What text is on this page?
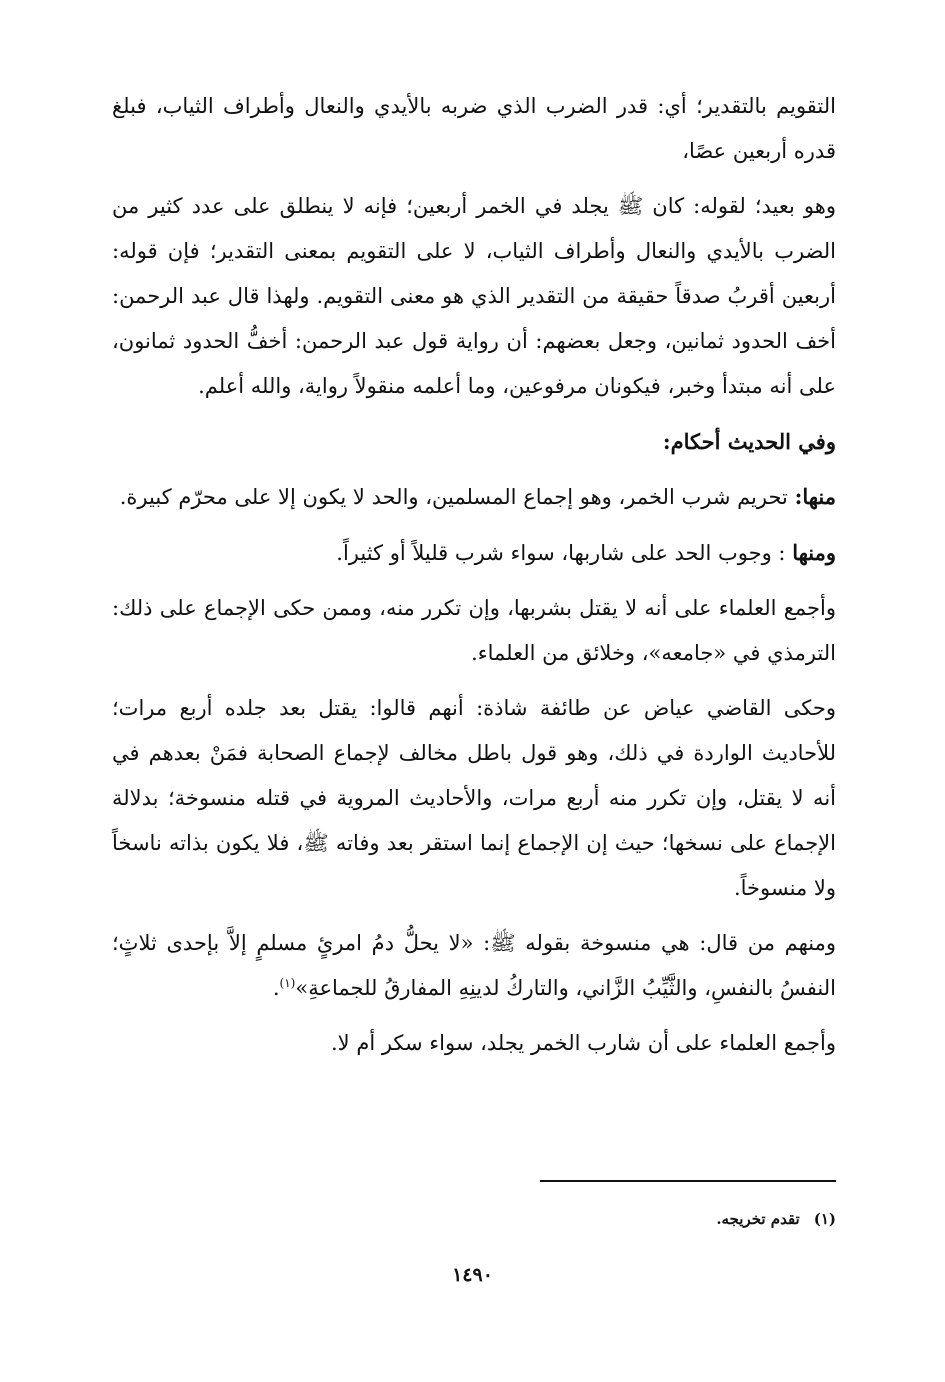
التقويم بالتقدير؛ أي: قدر الضرب الذي ضربه بالأيدي والنعال وأطراف الثياب، فبلغ قدره أربعين عصًا،

وهو بعيد؛ لقوله: كان ﷺ يجلد في الخمر أربعين؛ فإنه لا ينطلق على عدد كثير من الضرب بالأيدي والنعال وأطراف الثياب، لا على التقويم بمعنى التقدير؛ فإن قوله: أربعين أقربُ صدقاً حقيقة من التقدير الذي هو معنى التقويم. ولهذا قال عبد الرحمن: أخف الحدود ثمانين، وجعل بعضهم: أن رواية قول عبد الرحمن: أخفُّ الحدود ثمانون، على أنه مبتدأ وخبر، فيكونان مرفوعين، وما أعلمه منقولاً رواية، والله أعلم.

وفي الحديث أحكام:

منها: تحريم شرب الخمر، وهو إجماع المسلمين، والحد لا يكون إلا على محرّم كبيرة.

ومنها : وجوب الحد على شاربها، سواء شرب قليلاً أو كثيراً.

وأجمع العلماء على أنه لا يقتل بشربها، وإن تكرر منه، وممن حكى الإجماع على ذلك: الترمذي في «جامعه»، وخلائق من العلماء.

وحكى القاضي عياض عن طائفة شاذة: أنهم قالوا: يقتل بعد جلده أربع مرات؛ للأحاديث الواردة في ذلك، وهو قول باطل مخالف لإجماع الصحابة فمَنْ بعدهم في أنه لا يقتل، وإن تكرر منه أربع مرات، والأحاديث المروية في قتله منسوخة؛ بدلالة الإجماع على نسخها؛ حيث إن الإجماع إنما استقر بعد وفاته ﷺ، فلا يكون بذاته ناسخاً ولا منسوخاً.

ومنهم من قال: هي منسوخة بقوله ﷺ: «لا يحلُّ دمُ امرئٍ مسلمٍ إلاَّ بإحدى ثلاثٍ؛ النفسُ بالنفسِ، والثَّيِّبُ الزَّاني، والتاركُ لدينِهِ المفارقُ للجماعةِ»$^{(١)}$.

وأجمع العلماء على أن شارب الخمر يجلد، سواء سكر أم لا.

(١)تقدم تخريجه.
١٤٩٠
